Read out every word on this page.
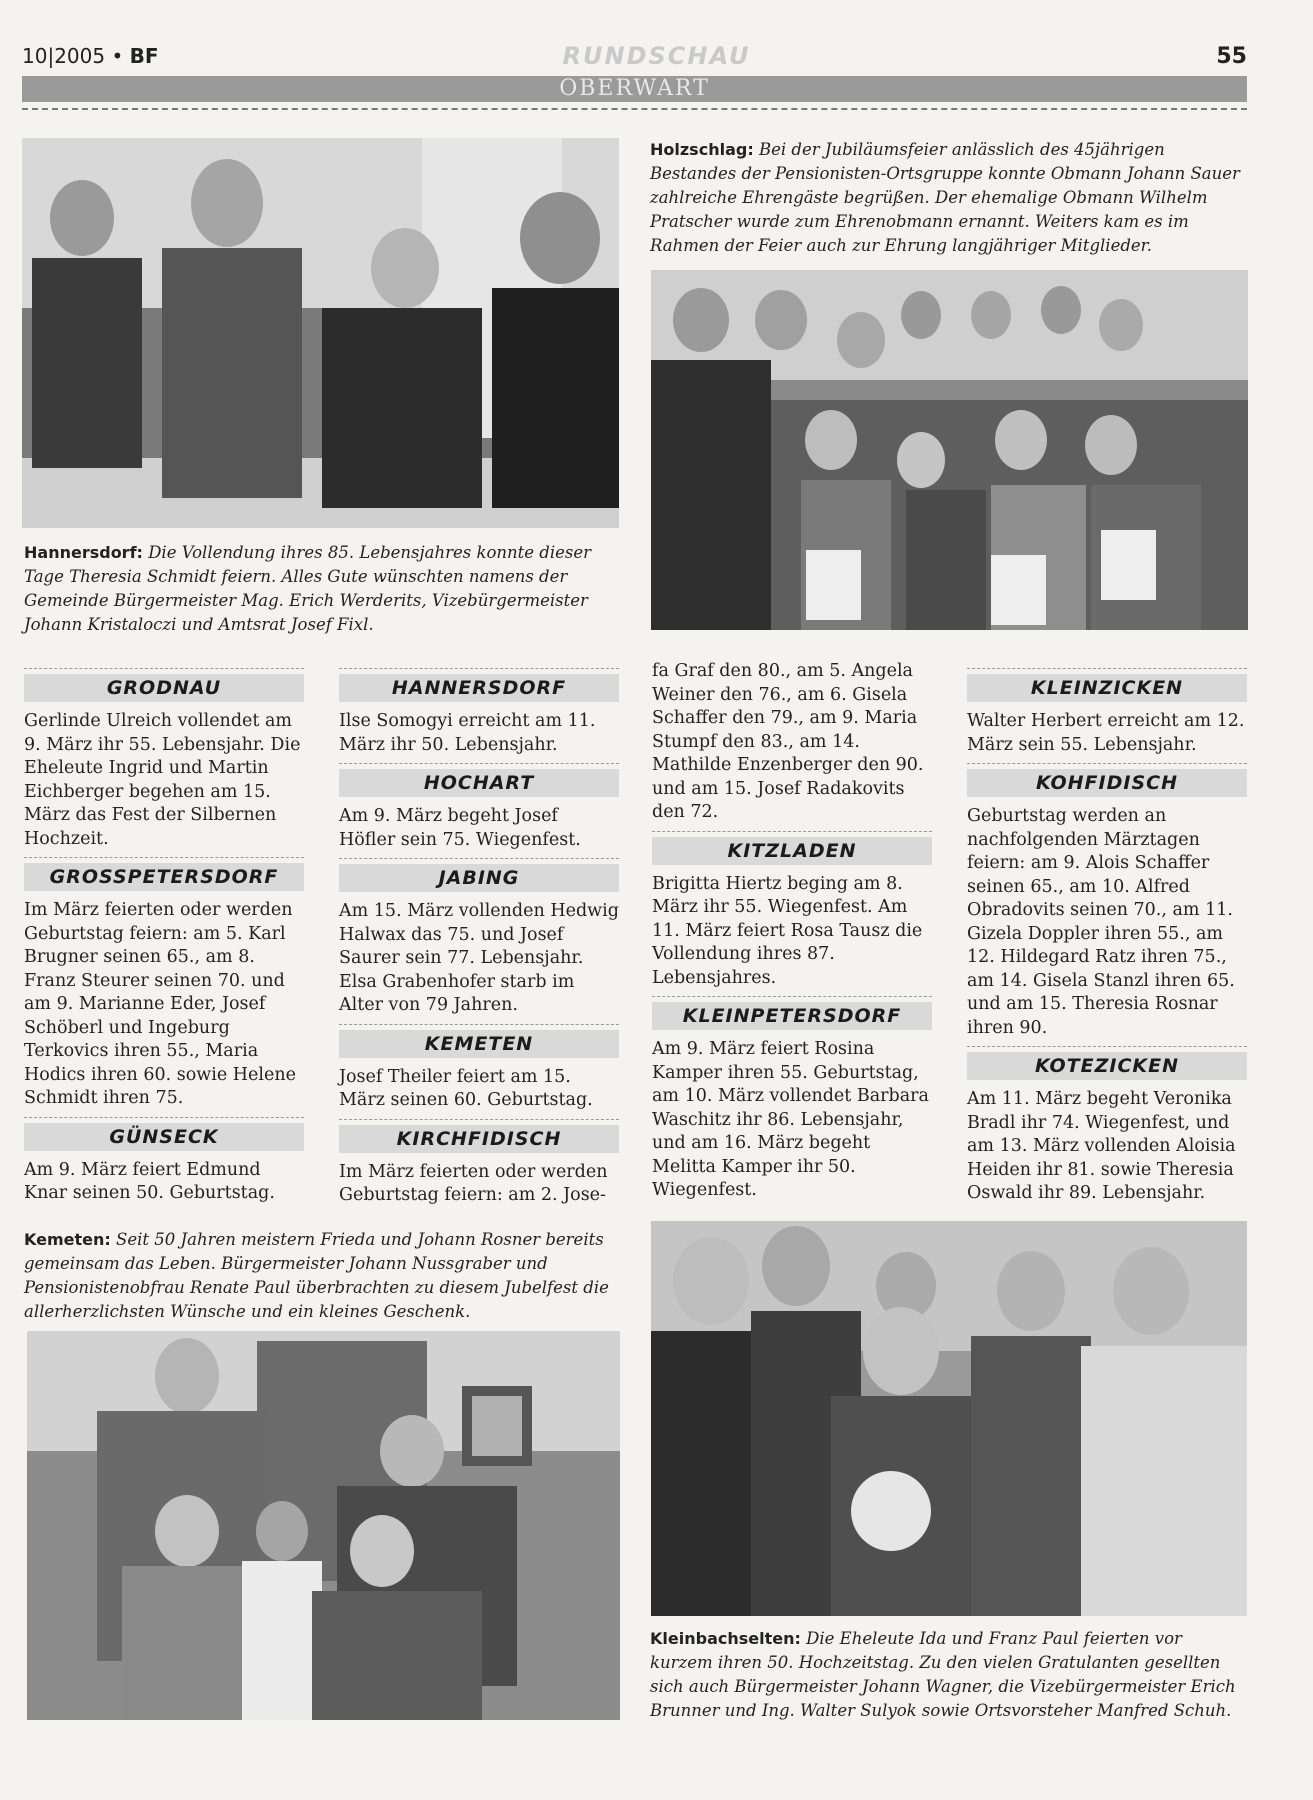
10|2005 • BF	RUNDSCHAU	55
OBERWART
Hannersdorf: Die Vollendung ihres 85. Lebensjahres konnte dieser Tage Theresia Schmidt feiern. Alles Gute wünschten namens der Gemeinde Bürgermeister Mag. Erich Werderits, Vizebürgermeister Johann Kristaloczi und Amtsrat Josef Fixl.
Holzschlag: Bei der Jubiläumsfeier anlässlich des 45jährigen Bestandes der Pensionisten-Ortsgruppe konnte Obmann Johann Sauer zahlreiche Ehrengäste begrüßen. Der ehemalige Obmann Wilhelm Pratscher wurde zum Ehrenobmann ernannt. Weiters kam es im Rahmen der Feier auch zur Ehrung langjähriger Mitglieder.
GRODNAU

Gerlinde Ulreich vollendet am 9. März ihr 55. Lebensjahr. Die Eheleute Ingrid und Martin Eichberger begehen am 15. März das Fest der Silbernen Hochzeit.

GROSSPETERSDORF

Im März feierten oder werden Geburtstag feiern: am 5. Karl Brugner seinen 65., am 8. Franz Steurer seinen 70. und am 9. Marianne Eder, Josef Schöberl und Ingeburg Terkovics ihren 55., Maria Hodics ihren 60. sowie Helene Schmidt ihren 75.

GÜNSECK

Am 9. März feiert Edmund Knar seinen 50. Geburtstag.

HANNERSDORF

Ilse Somogyi erreicht am 11. März ihr 50. Lebensjahr.

HOCHART

Am 9. März begeht Josef Höfler sein 75. Wiegenfest.

JABING

Am 15. März vollenden Hedwig Halwax das 75. und Josef Saurer sein 77. Lebensjahr. Elsa Grabenhofer starb im Alter von 79 Jahren.

KEMETEN

Josef Theiler feiert am 15. März seinen 60. Geburtstag.

KIRCHFIDISCH

Im März feierten oder werden Geburtstag feiern: am 2. Jose-

fa Graf den 80., am 5. Angela Weiner den 76., am 6. Gisela Schaffer den 79., am 9. Maria Stumpf den 83., am 14. Mathilde Enzenberger den 90. und am 15. Josef Radakovits den 72.

KITZLADEN

Brigitta Hiertz beging am 8. März ihr 55. Wiegenfest. Am 11. März feiert Rosa Tausz die Vollendung ihres 87. Lebensjahres.

KLEINPETERSDORF

Am 9. März feiert Rosina Kamper ihren 55. Geburtstag, am 10. März vollendet Barbara Waschitz ihr 86. Lebensjahr, und am 16. März begeht Melitta Kamper ihr 50. Wiegenfest.

KLEINZICKEN

Walter Herbert erreicht am 12. März sein 55. Lebensjahr.

KOHFIDISCH

Geburtstag werden an nachfolgenden Märztagen feiern: am 9. Alois Schaffer seinen 65., am 10. Alfred Obradovits seinen 70., am 11. Gizela Doppler ihren 55., am 12. Hildegard Ratz ihren 75., am 14. Gisela Stanzl ihren 65. und am 15. Theresia Rosnar ihren 90.

KOTEZICKEN

Am 11. März begeht Veronika Bradl ihr 74. Wiegenfest, und am 13. März vollenden Aloisia Heiden ihr 81. sowie Theresia Oswald ihr 89. Lebensjahr.

Kemeten: Seit 50 Jahren meistern Frieda und Johann Rosner bereits gemeinsam das Leben. Bürgermeister Johann Nussgraber und Pensionistenobfrau Renate Paul überbrachten zu diesem Jubelfest die allerherzlichsten Wünsche und ein kleines Geschenk.
Kleinbachselten: Die Eheleute Ida und Franz Paul feierten vor kurzem ihren 50. Hochzeitstag. Zu den vielen Gratulanten gesellten sich auch Bürgermeister Johann Wagner, die Vizebürgermeister Erich Brunner und Ing. Walter Sulyok sowie Ortsvorsteher Manfred Schuh.
